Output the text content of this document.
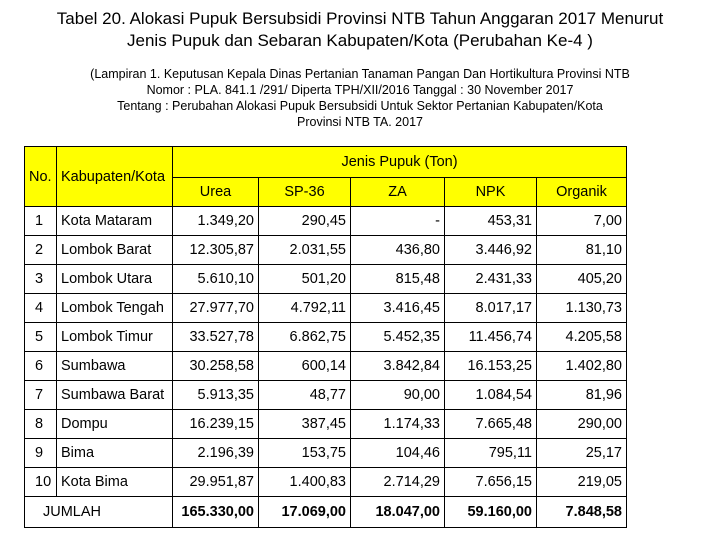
Tabel 20. Alokasi Pupuk Bersubsidi Provinsi NTB Tahun Anggaran 2017 Menurut
Jenis Pupuk dan Sebaran Kabupaten/Kota (Perubahan Ke-4 )
(Lampiran 1. Keputusan Kepala Dinas Pertanian Tanaman Pangan Dan Hortikultura Provinsi NTB
Nomor : PLA. 841.1 /291/ Diperta TPH/XII/2016 Tanggal : 30 November 2017
Tentang : Perubahan Alokasi Pupuk Bersubsidi Untuk Sektor Pertanian Kabupaten/Kota
Provinsi NTB TA. 2017
No.	Kabupaten/Kota	Jenis Pupuk (Ton)				
		Urea	SP-36	ZA	NPK	Organik
1	Kota Mataram	1.349,20	290,45	-	453,31	7,00
2	Lombok Barat	12.305,87	2.031,55	436,80	3.446,92	81,10
3	Lombok Utara	5.610,10	501,20	815,48	2.431,33	405,20
4	Lombok Tengah	27.977,70	4.792,11	3.416,45	8.017,17	1.130,73
5	Lombok Timur	33.527,78	6.862,75	5.452,35	11.456,74	4.205,58
6	Sumbawa	30.258,58	600,14	3.842,84	16.153,25	1.402,80
7	Sumbawa Barat	5.913,35	48,77	90,00	1.084,54	81,96
8	Dompu	16.239,15	387,45	1.174,33	7.665,48	290,00
9	Bima	2.196,39	153,75	104,46	795,11	25,17
10	Kota Bima	29.951,87	1.400,83	2.714,29	7.656,15	219,05
JUMLAH		165.330,00	17.069,00	18.047,00	59.160,00	7.848,58
